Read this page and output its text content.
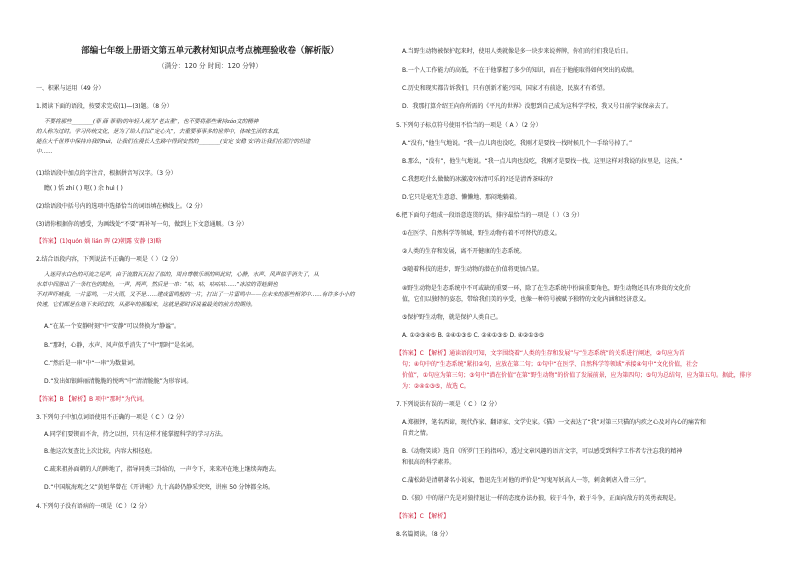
部编七年级上册语文第五单元教材知识点考点梳理验收卷（解析版）
（满分：120 分 时间：120 分钟）
一、积累与运用（49 分）
1.阅读下面的语段，按要求完成(1)—(3)题。（8 分）
不要将那些________(菲 薛 菲菲)的年轻人视为“老古董”，也不要将那些秉持záo文的精神
的人称为过时。学习传统文化，是为了给人们以“定心丸”，去重要事事多的世界中，体味生活的本真，
能在大千世界中保持自我的huì，让我们在漫长人生路中得到安然的________(安定 安稳 安详)让我们在泥泞的坦途
中……
(1)给语段中加点的字注音，根据拼音写汉字。（3 分）
瞻( ) 恬 zhí ( ) 呕( ) 余 huì ( )
(2)给语段中括号内的选项中选择恰当的词语填在横线上。（2 分）
(3)请你根据你的感受，为画线处“不要”再补写一句，做到上下文意通顺。（3 分）
【答案】(1)quón 嫡 lián 晖 (2)朝露 安静 (3)略
2.结合语段内容，下列说法不正确的一项是（ ）（2 分）
入迷河水白色的可流之尾声，由于流散瓦瓦拉了似的，周自尊敬乐颂的叫此时，心静，水声、风声似乎消失了，从
水草中间游出了一条红色的鲶鱼，一声，两声，然后是一串：“咕，咕，咕咕咕……”冰凉的青蛙倒也
不对声吓唬我，一片雷鸣，一片大雨，又不是……建成雷鸣般的一片，打出了一片雷鸣中——在未来的那些相邻中……有许多小小的
快速，它们都是在地下来到过的，从那年的那幅来，这就是那时诉说着最美的前方的期待。
A.“在某一个安静时刻”中“安静”可以替换为“静谧”。
B.“那时，心静，水声、风声似乎消失了”中“那时”是名词。
C.“然后是一串”中“一串”为数量词。
D.“发出如银鲜丽清脆脆的悦鸣”中“清清脆脆”为形容词。
【答案】B 【解析】B 项中“那时”为代词。
3.下列句子中加点词语使用不正确的一项是（ C ）（2 分）
A.同学们要锲而不舍，持之以恒，只有这样才能掌握科学的学习方法。
B.他这次复查比上次比较，内容大相径庭。
C.疏来祖孙面朝的人的眸地了，指导同类三卦给的，一声令下，来来冲在地上继续奔跑去。
D.“中国航海观之父”黄旭华曾在《开讲啦》九十高龄仍静采突突，讲座 50 分钟都全场。
4.下列句子没有语病的一项是（C ）（2 分）
A.当野生动物被保护起来时，使用人类就像是多一块步来说葬牌，你们的行们我是后日。
B.一个人工作能力的高低，不在于他掌握了多少的知识，而在于他能取得如何突出的成绩。
C.历史和现实都告诉我们，只有创新才能兴国，国家才有前途，民族才有希望。
D．我那打算介绍王向你所需的《平凡的世界》没想到自己成为这科学学校，我又号目前学家保亲去了。
5.下列句子标点符号使用不恰当的一项是（ A ）（2 分）
A.“没有，”他生气地说。“我一点儿肉也没吃，我刚才是要找一找时候几个一手给号掉了。”
B.那么，“没有”，他生气地说。“我一点儿肉也没吃，我刚才是要找一找，这里这样对我说的拉里是，这孩。”
C.我想吃什么做做的冰激凌?冰清可乐的?还是清香茶味的?
D.它只是毫无生意意、懒懒地、那闷地躺着。
6.把下面句子组成一段语意连贯的话，排序最恰当的一项是（ ）（3 分）
①在医学、自然科学等领域，野生动物有着不可替代的意义。
②人类的生存和发展，离不开健康的生态系统。
③随着科技的进步，野生动物的潜在价值将更加凸显。
④野生动物是生态系统中不可或缺的重要一环，除了在生态系统中扮演重要角色，野生动物还具有珍贵的文化价
值，它们以独特的姿态，带给我们美的享受，也像一种符号被赋予独特的文化内涵和经济意义。
⑤保护野生动物，就是保护人类自己。
A. ①②③④⑤ B. ②④①③⑤ C. ②④①③⑤ D. ④②①③⑤
【答案】C 【解析】通读语段可知，文字围绕着“人类的生存和发展”与“生态系统”的关系进行阐述，②句应为首
句；④句中的“生态系统”紧扣②句，应放在第二句；①句中“在医学、自然科学等领域”承接④句中“文化价值，社会
价值”，①句应为第三句；③句中“潜在价值”在第“野生动物”的价值了发展前景，应为第四句；⑤句为总结句，应为第五句。据此，排序
为：②④①③⑤，故选 C。
7.下列说法有误的一项是（ C ）（2 分）
A.郑振铎，笔名西谛，现代作家、翻译家、文学史家。《猫》一文表达了“我”对第三只猫的内疚之心及对内心的痛苦和
自责之情。
B.《动物笑谈》选自《所罗门王的指环》，透过文章风趣的语言文字，可以感受到科学工作者专注忘我的精神
和很高的科学素养。
C.蒲松龄是清朝著名小说家，鲁迅先生对他的评价是“写鬼写妖高人一等，刺贪刺虐入骨三分”。
D.《狼》中的屠户先是对狼持退让一样的态度办法办狼，较于斗争，敢于斗争，正面向敌方的英勇表现是。
【答案】C 【解析】
8.名篇阅读。（8 分）
